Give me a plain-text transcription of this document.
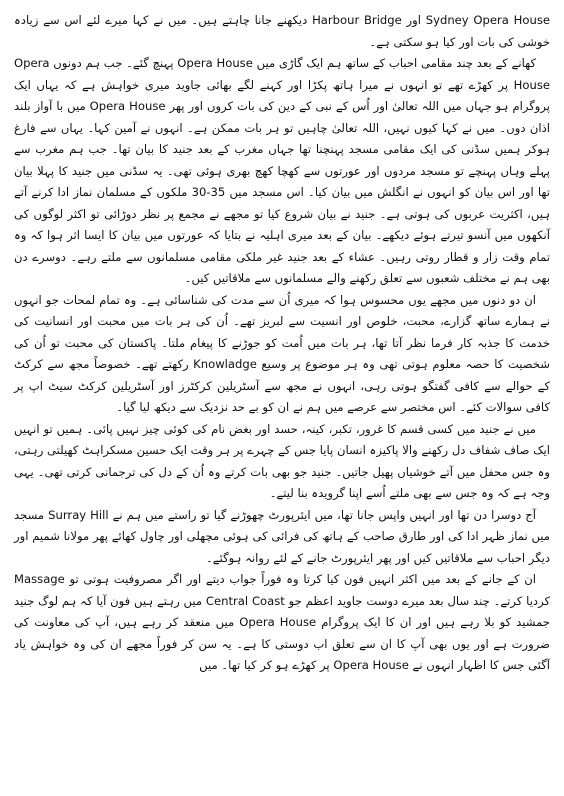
Sydney Opera House اور Harbour Bridge دیکھنے جانا چاہتے ہیں۔ میں نے کہا میرے لئے اس سے زیادہ خوشی کی بات اور کیا ہو سکتی ہے۔

کھانے کے بعد چند مقامی احباب کے ساتھ ہم ایک گاڑی میں Opera House پہنچ گئے۔ جب ہم دونوں Opera House پر کھڑے تھے تو انہوں نے میرا ہاتھ پکڑا اور کہنے لگے بھائی جاوید میری خواہش ہے کہ یہاں ایک پروگرام ہو جہاں میں اللہ تعالیٰ اور اُس کے نبی کے دین کی بات کروں اور پھر Opera House میں با آواز بلند اذان دوں۔ میں نے کہا کیوں نہیں، اللہ تعالیٰ چاہیں تو ہر بات ممکن ہے۔ انہوں نے آمین کہا۔ یہاں سے فارغ ہوکر ہمیں سڈنی کی ایک مقامی مسجد پہنچنا تھا جہاں مغرب کے بعد جنید کا بیان تھا۔ جب ہم مغرب سے پہلے وہاں پہنچے تو مسجد مردوں اور عورتوں سے کھچا کھچ بھری ہوئی تھی۔ یہ سڈنی میں جنید کا پہلا بیان تھا اور اس بیان کو انہوں نے انگلش میں بیان کیا۔ اس مسجد میں 35-30 ملکوں کے مسلمان نماز ادا کرنے آتے ہیں، اکثریت عربوں کی ہوتی ہے۔ جنید نے بیان شروع کیا تو مجھے نے مجمع پر نظر دوڑائی تو اکثر لوگوں کی آنکھوں میں آنسو تیرتے ہوئے دیکھے۔ بیان کے بعد میری اہلیہ نے بتایا کہ عورتوں میں بیان کا ایسا اثر ہوا کہ وہ تمام وقت زار و قطار روتی رہیں۔ عشاء کے بعد جنید غیر ملکی مقامی مسلمانوں سے ملتے رہے۔ دوسرے دن بھی ہم نے مختلف شعبوں سے تعلق رکھنے والے مسلمانوں سے ملاقاتیں کیں۔

ان دو دنوں میں مجھے یوں محسوس ہوا کہ میری اُن سے مدت کی شناسائی ہے۔ وہ تمام لمحات جو انہوں نے ہمارے ساتھ گزارے، محبت، خلوص اور انسیت سے لبریز تھے۔ اُن کی ہر بات میں محبت اور انسانیت کی خدمت کا جذبہ کار فرما نظر آتا تھا، ہر بات میں اُمت کو جوڑنے کا پیغام ملتا۔ پاکستان کی محبت تو اُن کی شخصیت کا حصہ معلوم ہوتی تھی وہ ہر موضوع پر وسیع Knowladge رکھتے تھے۔ خصوصاً مجھ سے کرکٹ کے حوالے سے کافی گفتگو ہوتی رہی، انہوں نے مجھ سے آسٹریلین کرکٹرز اور آسٹریلین کرکٹ سیٹ اپ پر کافی سوالات کئے۔ اس مختصر سے عرصے میں ہم نے ان کو بے حد نزدیک سے دیکھ لیا گیا۔

میں نے جنید میں کسی قسم کا غرور، تکبر، کینہ، حسد اور بغض نام کی کوئی چیز نہیں پائی۔ ہمیں تو انہیں ایک صاف شفاف دل رکھنے والا پاکیزہ انسان پایا جس کے چہرے پر ہر وقت ایک حسین مسکراہٹ کھیلتی رہتی، وہ جس محفل میں آتے خوشیاں پھیل جاتیں۔ جنید جو بھی بات کرتے وہ اُن کے دل کی ترجمانی کرتی تھی۔ یہی وجہ ہے کہ وہ جس سے بھی ملتے اُسے اپنا گرویدہ بنا لیتے۔

آج دوسرا دن تھا اور انہیں واپس جانا تھا، میں ایئرپورٹ چھوڑنے گیا تو راستے میں ہم نے Surray Hill مسجد میں نماز ظہر ادا کی اور طارق صاحب کے ہاتھ کی فرائی کی ہوئی مچھلی اور چاول کھائے پھر مولانا شمیم اور دیگر احباب سے ملاقاتیں کیں اور پھر ایئرپورٹ جانے کے لئے روانہ ہوگئے۔

ان کے جانے کے بعد میں اکثر انہیں فون کیا کرتا وہ فوراً جواب دیتے اور اگر مصروفیت ہوتی تو Massage کردیا کرتے۔ چند سال بعد میرے دوست جاوید اعظم جو Central Coast میں رہتے ہیں فون آیا کہ ہم لوگ جنید جمشید کو بلا رہے ہیں اور ان کا ایک پروگرام Opera House میں منعقد کر رہے ہیں، آپ کی معاونت کی ضرورت ہے اور یوں بھی آپ کا ان سے تعلق اب دوستی کا ہے۔ یہ سن کر فوراً مجھے ان کی وہ خواہش یاد آگئی جس کا اظہار انہوں نے Opera House پر کھڑے ہو کر کیا تھا۔ میں
